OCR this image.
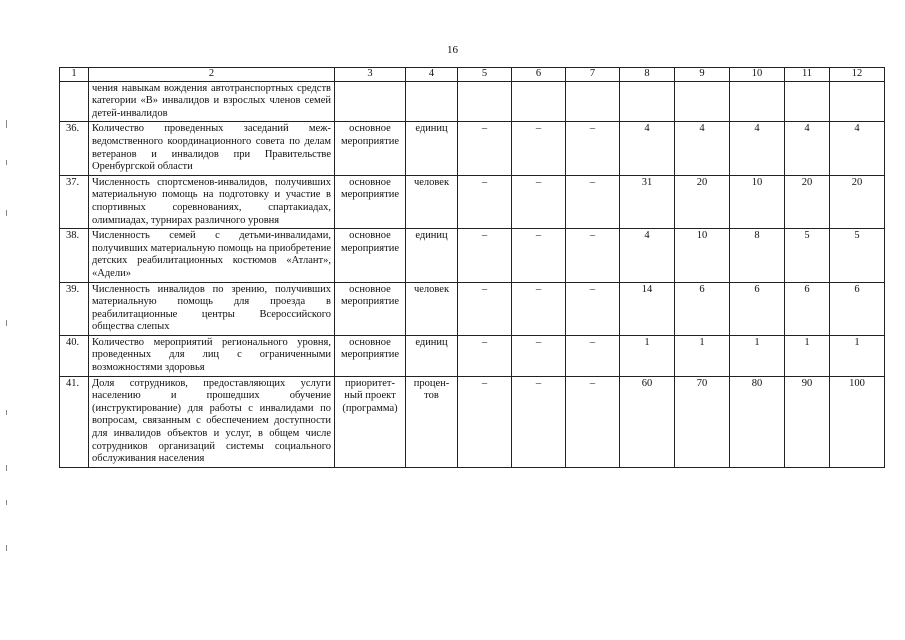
16
1	2	3	4	5	6	7	8	9	10	11	12
	чения навыкам вождения автотранспортных средств категории «В» инвалидов и взрослых членов семей детей-инвалидов										
36.	Количество проведенных заседаний межведомственного координационного совета по делам ветеранов и инвалидов при Правительстве Оренбургской области	основное мероприятие	единиц	–	–	–	4	4	4	4	4
37.	Численность спортсменов-инвалидов, получивших материальную помощь на подготовку и участие в спортивных соревнованиях, спартакиадах, олимпиадах, турнирах различного уровня	основное мероприятие	человек	–	–	–	31	20	10	20	20
38.	Численность семей с детьми-инвалидами, получивших материальную помощь на приобретение детских реабилитационных костюмов «Атлант», «Адели»	основное мероприятие	единиц	–	–	–	4	10	8	5	5
39.	Численность инвалидов по зрению, получивших материальную помощь для проезда в реабилитационные центры Всероссийского общества слепых	основное мероприятие	человек	–	–	–	14	6	6	6	6
40.	Количество мероприятий регионального уровня, проведенных для лиц с ограниченными возможностями здоровья	основное мероприятие	единиц	–	–	–	1	1	1	1	1
41.	Доля сотрудников, предоставляющих услуги населению и прошедших обучение (инструктирование) для работы с инвалидами по вопросам, связанным с обеспечением доступности для инвалидов объектов и услуг, в общем числе сотрудников организаций системы социального обслуживания населения	приоритетный проект (программа)	процентов	–	–	–	60	70	80	90	100
